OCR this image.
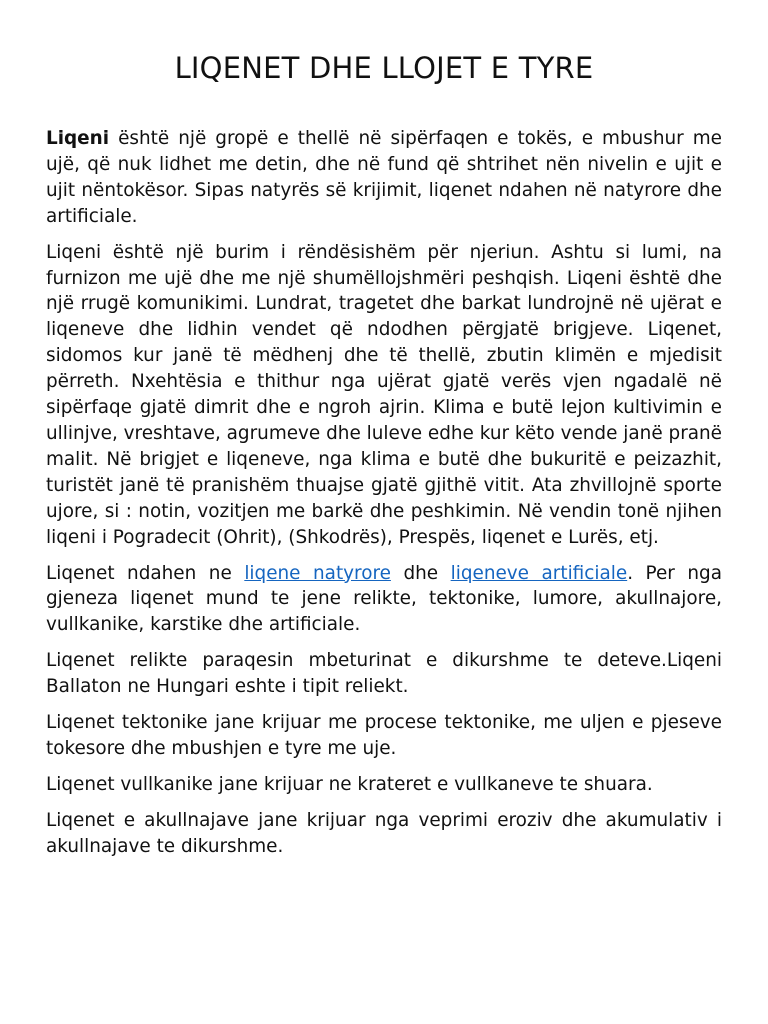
LIQENET DHE LLOJET E TYRE

Liqeni është një gropë e thellë në sipërfaqen e tokës, e mbushur me ujë, që nuk lidhet me detin, dhe në fund që shtrihet nën nivelin e ujit e ujit nëntokësor. Sipas natyrës së krijimit, liqenet ndahen në natyrore dhe artificiale.

Liqeni është një burim i rëndësishëm për njeriun. Ashtu si lumi, na furnizon me ujë dhe me një shumëllojshmëri peshqish. Liqeni është dhe një rrugë komunikimi. Lundrat, tragetet dhe barkat lundrojnë në ujërat e liqeneve dhe lidhin vendet që ndodhen përgjatë brigjeve. Liqenet, sidomos kur janë të mëdhenj dhe të thellë, zbutin klimën e mjedisit përreth. Nxehtësia e thithur nga ujërat gjatë verës vjen ngadalë në sipërfaqe gjatë dimrit dhe e ngroh ajrin. Klima e butë lejon kultivimin e ullinjve, vreshtave, agrumeve dhe luleve edhe kur këto vende janë pranë malit. Në brigjet e liqeneve, nga klima e butë dhe bukuritë e peizazhit, turistët janë të pranishëm thuajse gjatë gjithë vitit. Ata zhvillojnë sporte ujore, si : notin, vozitjen me barkë dhe peshkimin. Në vendin tonë njihen liqeni i Pogradecit (Ohrit), (Shkodrës), Prespës, liqenet e Lurës, etj.

Liqenet ndahen ne liqene natyrore dhe liqeneve artificiale. Per nga gjeneza liqenet mund te jene relikte, tektonike, lumore, akullnajore, vullkanike, karstike dhe artificiale.

Liqenet relikte paraqesin mbeturinat e dikurshme te deteve.Liqeni Ballaton ne Hungari eshte i tipit reliekt.

Liqenet tektonike jane krijuar me procese tektonike, me uljen e pjeseve tokesore dhe mbushjen e tyre me uje.

Liqenet vullkanike jane krijuar ne krateret e vullkaneve te shuara.

Liqenet e akullnajave jane krijuar nga veprimi eroziv dhe akumulativ i akullnajave te dikurshme.
